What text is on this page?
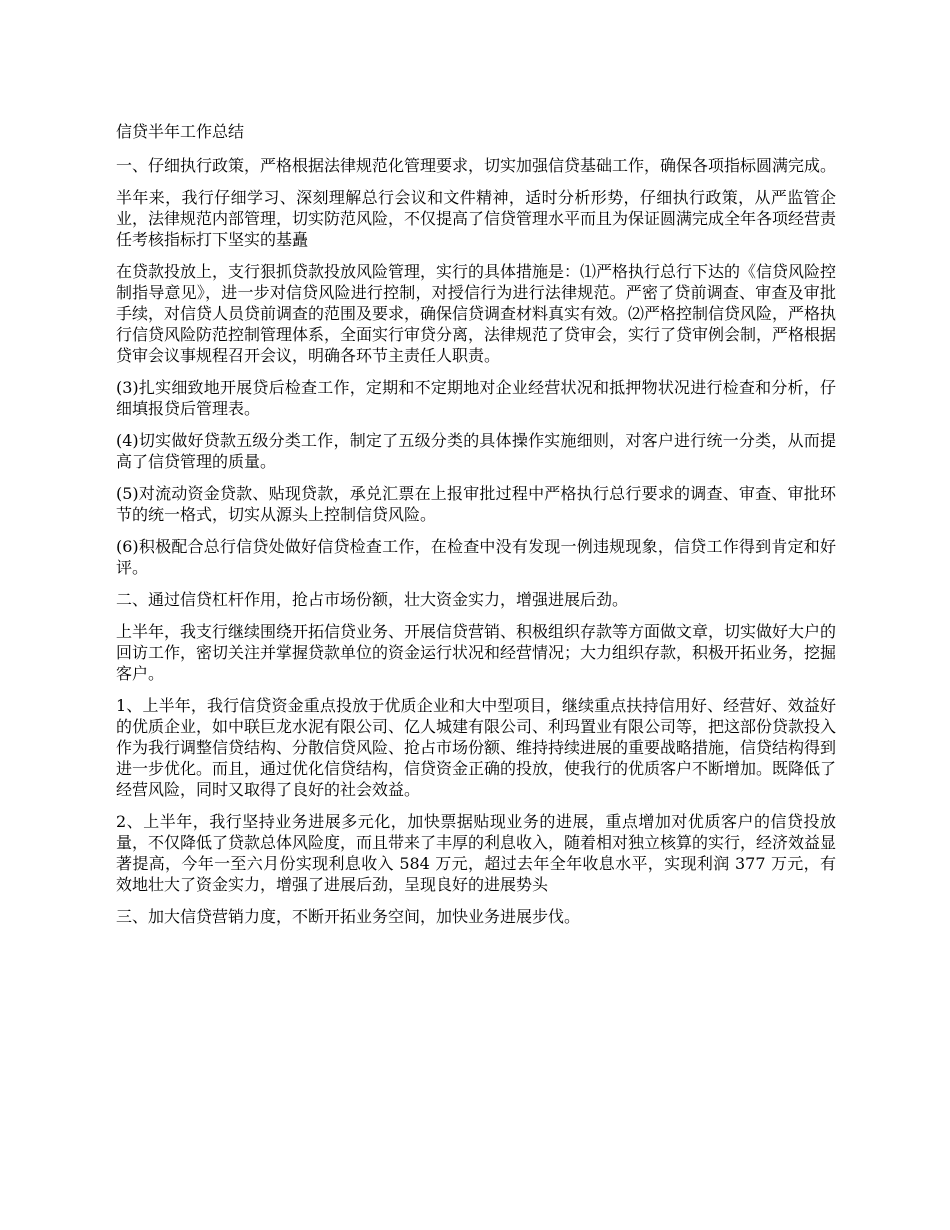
信贷半年工作总结

一、仔细执行政策，严格根据法律规范化管理要求，切实加强信贷基础工作，确保各项指标圆满完成。

半年来，我行仔细学习、深刻理解总行会议和文件精神，适时分析形势，仔细执行政策，从严监管企业，法律规范内部管理，切实防范风险，不仅提高了信贷管理水平而且为保证圆满完成全年各项经营责任考核指标打下坚实的基矗

在贷款投放上，支行狠抓贷款投放风险管理，实行的具体措施是：⑴严格执行总行下达的《信贷风险控制指导意见》，进一步对信贷风险进行控制，对授信行为进行法律规范。严密了贷前调查、审查及审批手续，对信贷人员贷前调查的范围及要求，确保信贷调查材料真实有效。⑵严格控制信贷风险，严格执行信贷风险防范控制管理体系，全面实行审贷分离，法律规范了贷审会，实行了贷审例会制，严格根据贷审会议事规程召开会议，明确各环节主责任人职责。

(3)扎实细致地开展贷后检查工作，定期和不定期地对企业经营状况和抵押物状况进行检查和分析，仔细填报贷后管理表。

(4)切实做好贷款五级分类工作，制定了五级分类的具体操作实施细则，对客户进行统一分类，从而提高了信贷管理的质量。

(5)对流动资金贷款、贴现贷款，承兑汇票在上报审批过程中严格执行总行要求的调查、审查、审批环节的统一格式，切实从源头上控制信贷风险。

(6)积极配合总行信贷处做好信贷检查工作，在检查中没有发现一例违规现象，信贷工作得到肯定和好评。

二、通过信贷杠杆作用，抢占市场份额，壮大资金实力，增强进展后劲。

上半年，我支行继续围绕开拓信贷业务、开展信贷营销、积极组织存款等方面做文章，切实做好大户的回访工作，密切关注并掌握贷款单位的资金运行状况和经营情况；大力组织存款，积极开拓业务，挖掘客户。

1、上半年，我行信贷资金重点投放于优质企业和大中型项目，继续重点扶持信用好、经营好、效益好的优质企业，如中联巨龙水泥有限公司、亿人城建有限公司、利玛置业有限公司等，把这部份贷款投入作为我行调整信贷结构、分散信贷风险、抢占市场份额、维持持续进展的重要战略措施，信贷结构得到进一步优化。而且，通过优化信贷结构，信贷资金正确的投放，使我行的优质客户不断增加。既降低了经营风险，同时又取得了良好的社会效益。

2、上半年，我行坚持业务进展多元化，加快票据贴现业务的进展，重点增加对优质客户的信贷投放量，不仅降低了贷款总体风险度，而且带来了丰厚的利息收入，随着相对独立核算的实行，经济效益显著提高，今年一至六月份实现利息收入 584 万元，超过去年全年收息水平，实现利润 377 万元，有效地壮大了资金实力，增强了进展后劲，呈现良好的进展势头

三、加大信贷营销力度，不断开拓业务空间，加快业务进展步伐。
